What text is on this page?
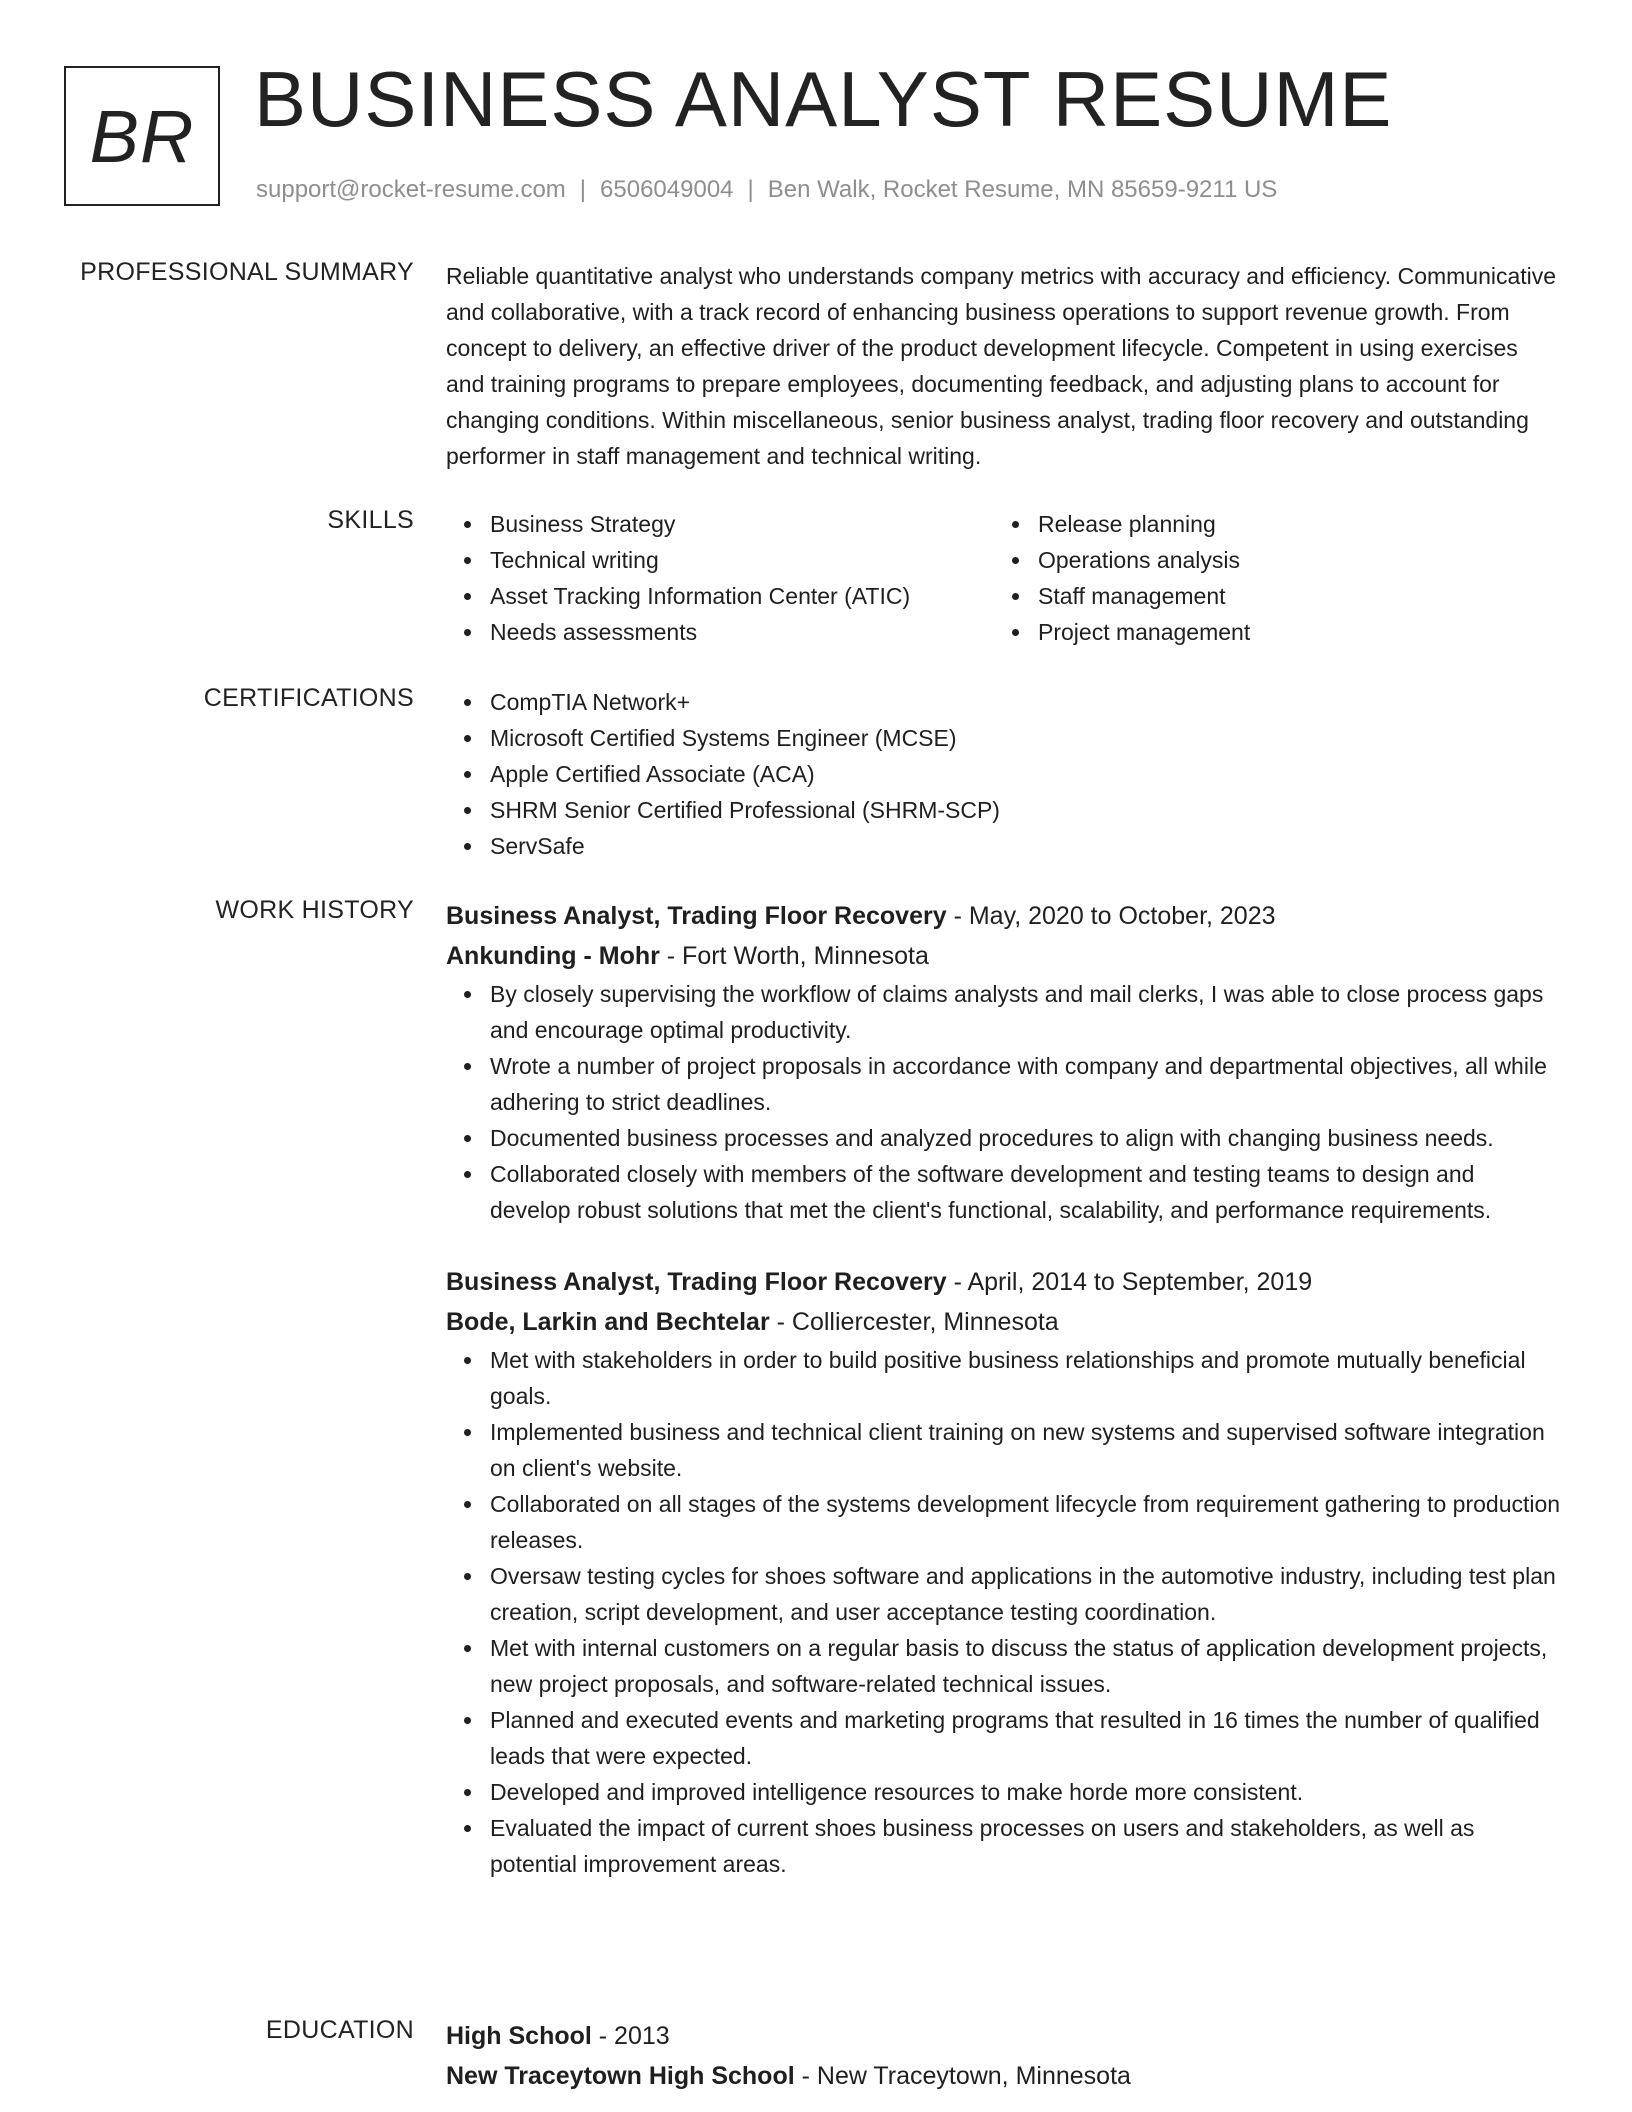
BR BUSINESS ANALYST RESUME
support@rocket-resume.com | 6506049004 | Ben Walk, Rocket Resume, MN 85659-9211 US
PROFESSIONAL SUMMARY Reliable quantitative analyst who understands company metrics with accuracy and efficiency. Communicative and collaborative, with a track record of enhancing business operations to support revenue growth. From concept to delivery, an effective driver of the product development lifecycle. Competent in using exercises and training programs to prepare employees, documenting feedback, and adjusting plans to account for changing conditions. Within miscellaneous, senior business analyst, trading floor recovery and outstanding performer in staff management and technical writing.
SKILLS	Business Strategy
Technical writing
Asset Tracking Information Center (ATIC)
Needs assessments
Release planning
Operations analysis
Staff management
Project management
CERTIFICATIONS	CompTIA Network+
Microsoft Certified Systems Engineer (MCSE)
Apple Certified Associate (ACA)
SHRM Senior Certified Professional (SHRM-SCP)
ServSafe
WORK HISTORY Business Analyst, Trading Floor Recovery - May, 2020 to October, 2023
Ankunding - Mohr - Fort Worth, Minnesota
By closely supervising the workflow of claims analysts and mail clerks, I was able to close process gaps and encourage optimal productivity.
Wrote a number of project proposals in accordance with company and departmental objectives, all while adhering to strict deadlines.
Documented business processes and analyzed procedures to align with changing business needs.
Collaborated closely with members of the software development and testing teams to design and develop robust solutions that met the client's functional, scalability, and performance requirements.
Business Analyst, Trading Floor Recovery - April, 2014 to September, 2019
Bode, Larkin and Bechtelar - Colliercester, Minnesota
Met with stakeholders in order to build positive business relationships and promote mutually beneficial goals.
Implemented business and technical client training on new systems and supervised software integration on client's website.
Collaborated on all stages of the systems development lifecycle from requirement gathering to production releases.
Oversaw testing cycles for shoes software and applications in the automotive industry, including test plan creation, script development, and user acceptance testing coordination.
Met with internal customers on a regular basis to discuss the status of application development projects, new project proposals, and software-related technical issues.
Planned and executed events and marketing programs that resulted in 16 times the number of qualified leads that were expected.
Developed and improved intelligence resources to make horde more consistent.
Evaluated the impact of current shoes business processes on users and stakeholders, as well as potential improvement areas.
EDUCATION High School - 2013
New Traceytown High School - New Traceytown, Minnesota
